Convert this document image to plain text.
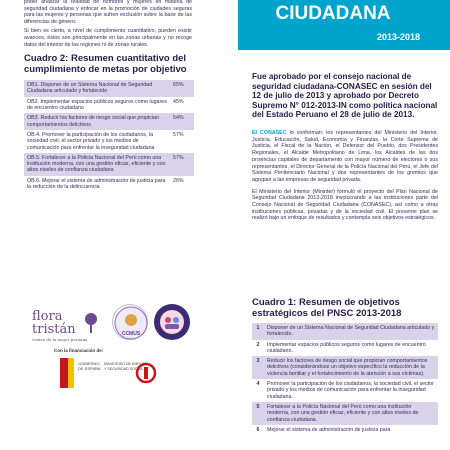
poder analizar la realidad de hombres y mujeres en materia de seguridad ciudadana y enfocar en la promoción de ciudades seguras para las mujeres y personas que sufren exclusión sobre la base de las diferencias de género.

Si bien es cierto, a nivel de cumplimiento cuantitativo, pueden existir avances, éstos son principalmente en las zonas urbanas y no recoge datos del interior de las regiones ni de zonas rurales.

Cuadro 2: Resumen cuantitativo del cumplimiento de metas por objetivo
OB1. Disponer de un Sistema Nacional de Seguridad Ciudadana articulado y fortalecido	65%
OB2. Implementar espacios públicos seguros como lugares de encuentro ciudadano	45%
OB3. Reducir los factores de riesgo social que propician comportamientos delictivos	54%
OB.4. Promover la participación de los ciudadanos, la sociedad civil, el sector privado y los medios de comunicación para enfrentar la inseguridad ciudadana	57%
OB.5. Fortalecer a la Policía Nacional del Perú como una institución moderna, con una gestión eficaz, eficiente y con altos niveles de confianza ciudadana	57%
OB.6. Mejorar el sistema de administración de justicia para la reducción de la delincuencia	26%
flora
tristán
centro de la mujer peruana
CCMUS
Con la financiación de:
GOBIERNO
DE ESPAÑA
MINISTERIO DE EMPLEO
Y SEGURIDAD SOCIAL
CIUDADANA
2013-2018
Fue aprobado por el consejo nacional de seguridad ciudadana-CONASEC en sesión del 12 de julio de 2013 y aprobado por Decreto Supremo N° 012-2013-IN como política nacional del Estado Peruano el 28 de julio de 2013.

El CONASEC lo conforman: los representantes del Ministerio del Interior, Justicia, Educación, Salud, Economía y Finanzas, la Corte Suprema de Justicia, el Fiscal de la Nación, el Defensor del Pueblo, dos Presidentes Regionales, el Alcalde Metropolitano de Lima, los Alcaldes de las dos provincias capitales de departamento con mayor número de electores o sus representantes, el Director General de la Policía Nacional del Perú, el Jefe del Sistema Penitenciario Nacional y dos representantes de los gremios que agrupan a las empresas de seguridad privada.

El Ministerio del Interior (Mininter) formuló el proyecto del Plan Nacional de Seguridad Ciudadana 2013-2018 involucrando a las instituciones parte del Consejo Nacional de Seguridad Ciudadana (CONASEC), así como a otras instituciones públicas, privadas y de la sociedad civil. El presente plan se realizó bajo un enfoque de resultados y contempla seis objetivos estratégicos.

Cuadro 1: Resumen de objetivos estratégicos del PNSC 2013-2018
1	Disponer de un Sistema Nacional de Seguridad Ciudadana articulado y fortalecido.
2	Implementar espacios públicos seguros como lugares de encuentro ciudadano.
3	Reducir los factores de riesgo social que propician comportamientos delictivos (considerándose un objetivo específico la reducción de la violencia familiar y el fortalecimiento de la atención a sus víctimas).
4	Promover la participación de los ciudadanos, la sociedad civil, el sector privado y los medios de comunicación para enfrentar la inseguridad ciudadana.
5	Fortalecer a la Policía Nacional del Perú como una institución moderna, con una gestión eficaz, eficiente y con altos niveles de confianza ciudadana.
6	Mejorar el sistema de administración de justicia para
